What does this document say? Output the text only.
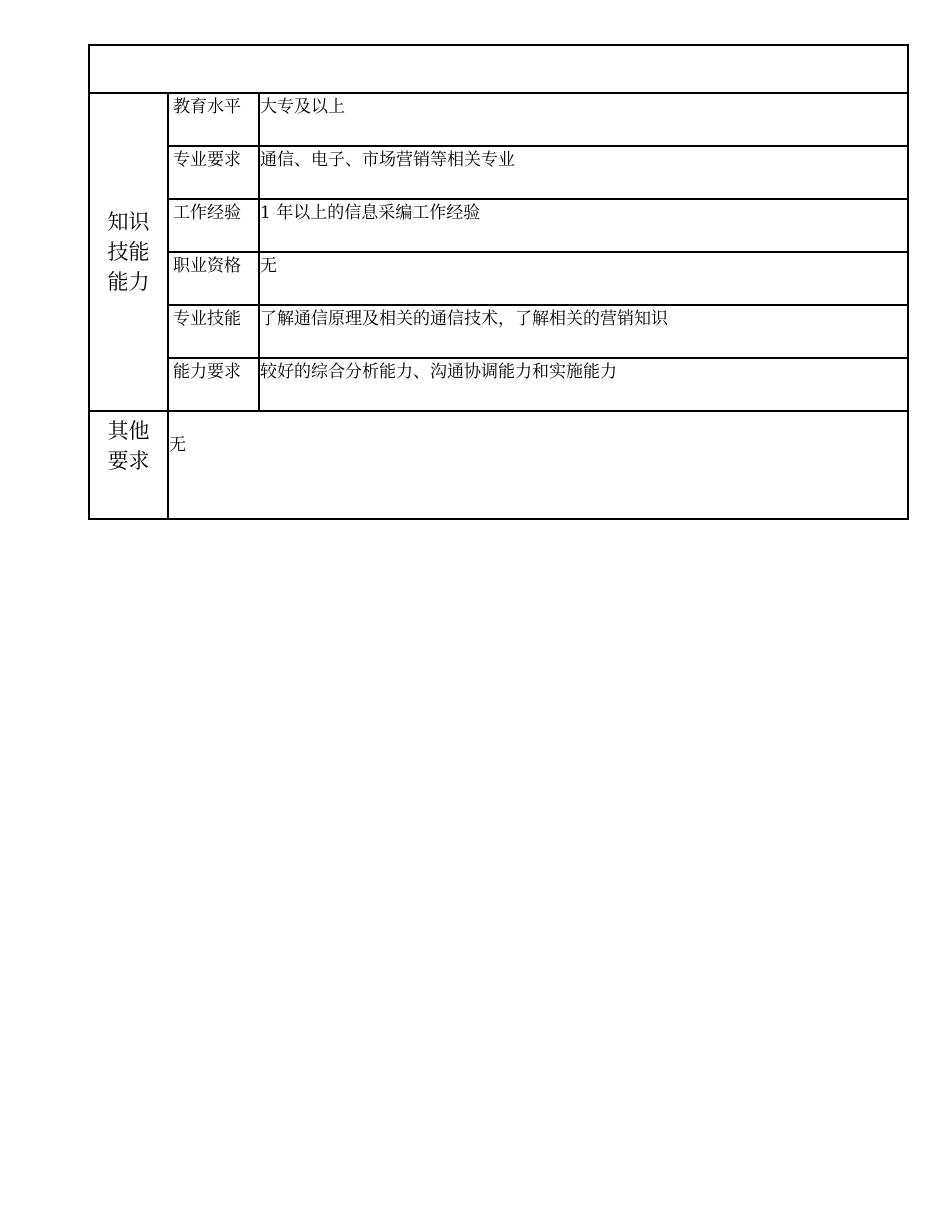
知识
技能
能力	教育水平	大专及以上
	专业要求	通信、电子、市场营销等相关专业
	工作经验	1 年以上的信息采编工作经验
	职业资格	无
	专业技能	了解通信原理及相关的通信技术，了解相关的营销知识
	能力要求	较好的综合分析能力、沟通协调能力和实施能力

其他
要求	无	
